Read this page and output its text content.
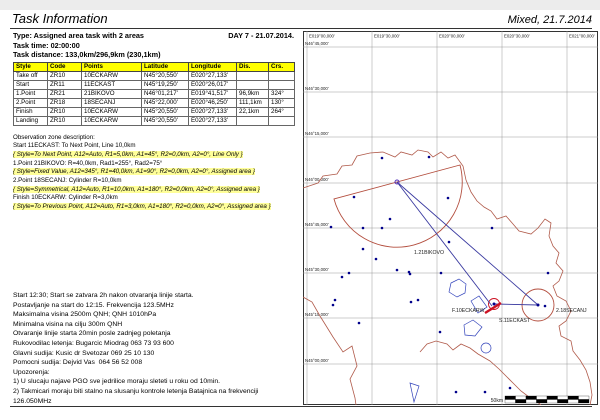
Task Information	Mixed, 21.7.2014
Type: Assigned area task with 2 areas	DAY 7 - 21.07.2014.
Task time: 02:00:00
Task distance: 133,0km/296,9km (230,1km)
Style	Code	Points	Latitude	Longitude	Dis.	Crs.
Take off	ZR10	10ECKARW	N45°20,550'	E020°27,133'		
Start	ZR11	11ECKAST	N45°19,250'	E020°26,017'		
1.Point	ZR21	21BIKOVO	N46°01,217'	E019°41,517'	96,9km	324°
2.Point	ZR18	18SECANJ	N45°22,000'	E020°46,250'	111,1km	130°
Finish	ZR10	10ECKARW	N45°20,550'	E020°27,133'	22,1km	264°
Landing	ZR10	10ECKARW	N45°20,550'	E020°27,133'		
Observation zone description:
Start 11ECKAST: To Next Point, Line 10,0km
{ Style=To Next Point, A12=Auto, R1=5,0km, A1=45°, R2=0,0km, A2=0°, Line Only }
1.Point 21BIKOVO: R=40,0km, Rad1=255°, Rad2=75°
{ Style=Fixed Value, A12=345°, R1=40,0km, A1=90°, R2=0,0km, A2=0°, Assigned area }
2.Point 18SECANJ: Cylinder R=10,0km
{ Style=Symmetrical, A12=Auto, R1=10,0km, A1=180°, R2=0,0km, A2=0°, Assigned area }
Finish 10ECKARW: Cylinder R=3,0km
{ Style=To Previous Point, A12=Auto, R1=3,0km, A1=180°, R2=0,0km, A2=0°, Assigned area }
Start 12:30; Start se zatvara 2h nakon otvaranja linije starta.
Postavljanje na start do 12:15. Frekvencija 123.5MHz
Maksimalna visina 2500m QNH; QNH 1010hPa
Minimalna visina na cilju 300m QNH
Otvaranje linije starta 20min posle zadnjeg poletanja
Rukovodilac letenja: Bugarcic Miodrag 063 73 93 600
Glavni sudija: Kusic dr Svetozar 069 25 10 130
Pomocni sudija: Dejvid Vas  064 56 52 008
Upozorenja:
1) U slucaju najave PGO sve jedrilice moraju sleteti u roku od 10min.
2) Takmicari moraju biti stalno na slusanju kontrole letenja Batajnica na frekvenciji
126.050MHz
E019°00,000'	E019°30,000'	E020°00,000'	E020°30,000'	E021°00,000'
N46°45,000'
N46°30,000'
N46°15,000'
N46°00,000'
N45°45,000'
N45°30,000'
N45°15,000'
N45°00,000'
1.21BIKOVO
F.10ECKARW
S.11ECKAST
2.18SECANJ
50km
